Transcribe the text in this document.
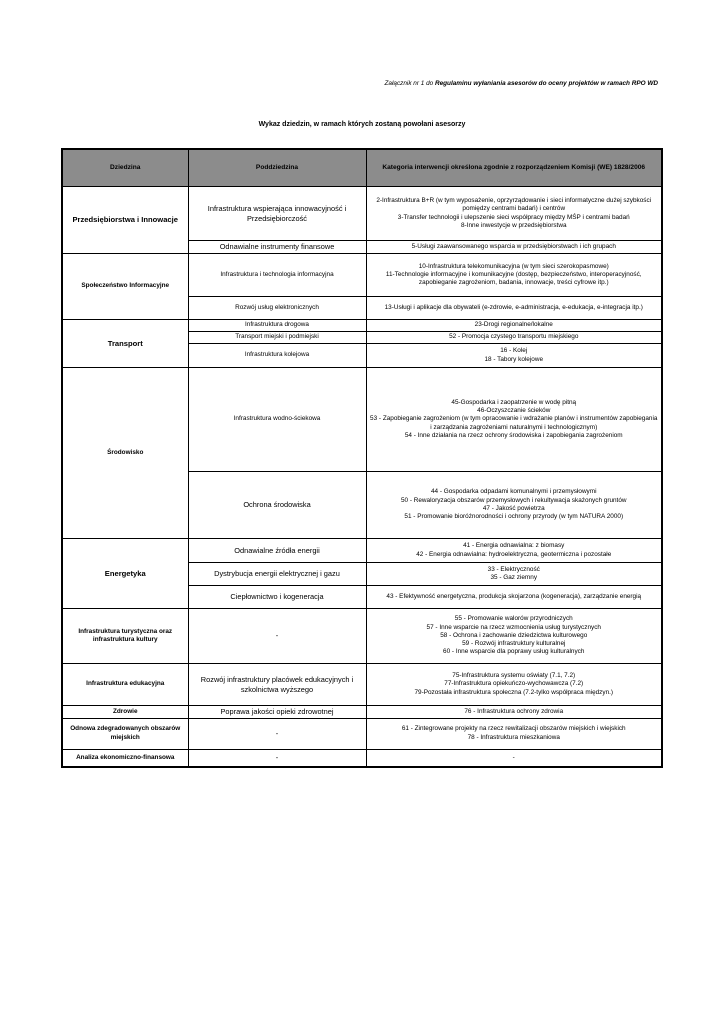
Załącznik nr 1 do Regulaminu wyłaniania asesorów do oceny projektów w ramach RPO WD
Wykaz dziedzin, w ramach których zostaną powołani asesorzy
Dziedzina	Poddziedzina	Kategoria interwencji określona zgodnie z rozporządzeniem Komisji (WE) 1828/2006
Przedsiębiorstwa i Innowacje	Infrastruktura wspierająca innowacyjność i Przedsiębiorczość	2-Infrastruktura B+R (w tym wyposażenie, oprzyrządowanie i sieci informatyczne dużej szybkości pomiędzy centrami badań) i centrów
3-Transfer technologii i ulepszenie sieci współpracy między MŚP i centrami badań
8-Inne inwestycje w przedsiębiorstwa

	Odnawialne instrumenty finansowe	5-Usługi zaawansowanego wsparcia w przedsiębiorstwach i ich grupach
Społeczeństwo Informacyjne	Infrastruktura i technologia informacyjna	10-Infrastruktura telekomunikacyjna (w tym sieci szerokopasmowe)
11-Technologie informacyjne i komunikacyjne (dostęp, bezpieczeństwo, interoperacyjność, zapobieganie zagrożeniom, badania, innowacje, treści cyfrowe itp.)

	Rozwój usług elektronicznych	13-Usługi i aplikacje dla obywateli (e-zdrowie, e-administracja, e-edukacja, e-integracja itp.)
Transport	Infrastruktura drogowa	23-Drogi regionalne/lokalne
	Transport miejski i podmiejski	52 - Promocja czystego transportu miejskiego
	Infrastruktura kolejowa	16 - Kolej
18 - Tabory kolejowe

Środowisko	Infrastruktura wodno-ściekowa	45-Gospodarka i zaopatrzenie w wodę pitną
46-Oczyszczanie ścieków
53 - Zapobieganie zagrożeniom (w tym opracowanie i wdrażanie planów i instrumentów zapobiegania i zarządzania zagrożeniami naturalnymi i technologicznym)
54 - Inne działania na rzecz ochrony środowiska i zapobiegania zagrożeniom

	Ochrona środowiska	44 - Gospodarka odpadami komunalnymi i przemysłowymi
50 - Rewaloryzacja obszarów przemysłowych i rekultywacja skażonych gruntów
47 - Jakość powietrza
51 - Promowanie bioróżnorodności i ochrony przyrody (w tym NATURA 2000)

Energetyka	Odnawialne źródła energii	41 - Energia odnawialna: z biomasy
42 - Energia odnawialna: hydroelektryczna, geotermiczna i pozostałe

	Dystrybucja energii elektrycznej i gazu	33 - Elektryczność
35 - Gaz ziemny

	Ciepłownictwo i kogeneracja	43 - Efektywność energetyczna, produkcja skojarzona (kogeneracja), zarządzanie energią
Infrastruktura turystyczna oraz infrastruktura kultury	-	55 - Promowanie walorów przyrodniczych
57 - Inne wsparcie na rzecz wzmocnienia usług turystycznych
58 - Ochrona i zachowanie dziedzictwa kulturowego
59 - Rozwój infrastruktury kulturalnej
60 - Inne wsparcie dla poprawy usług kulturalnych

Infrastruktura edukacyjna	Rozwój infrastruktury placówek edukacyjnych i szkolnictwa wyższego	75-Infrastruktura systemu oświaty (7.1, 7.2)
77-Infrastruktura opiekuńczo-wychowawcza (7.2)
79-Pozostała infrastruktura społeczna (7.2-tylko współpraca międzyn.)

Zdrowie	Poprawa jakości opieki zdrowotnej	76 - Infrastruktura ochrony zdrowia
Odnowa zdegradowanych obszarów miejskich	-	61 - Zintegrowane projekty na rzecz rewitalizacji obszarów miejskich i wiejskich
78 - Infrastruktura mieszkaniowa

Analiza ekonomiczno-finansowa	-	-
